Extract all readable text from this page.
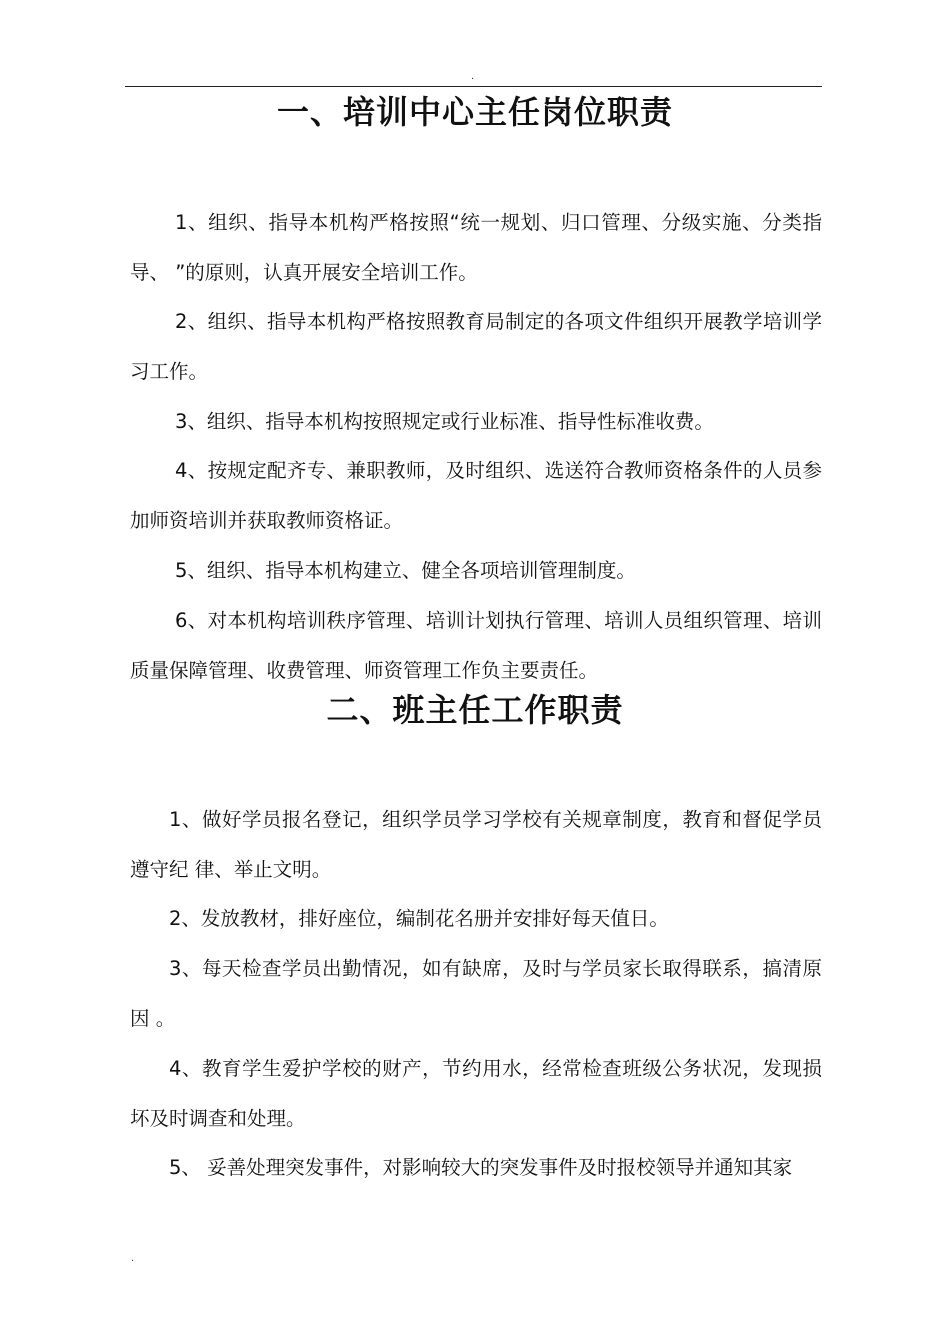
.
一、培训中心主任岗位职责

1、组织、指导本机构严格按照“统一规划、归口管理、分级实施、分类指导、 ”的原则，认真开展安全培训工作。

2、组织、指导本机构严格按照教育局制定的各项文件组织开展教学培训学习工作。

3、组织、指导本机构按照规定或行业标准、指导性标准收费。

4、按规定配齐专、兼职教师，及时组织、选送符合教师资格条件的人员参加师资培训并获取教师资格证。

5、组织、指导本机构建立、健全各项培训管理制度。

6、对本机构培训秩序管理、培训计划执行管理、培训人员组织管理、培训质量保障管理、收费管理、师资管理工作负主要责任。

二、班主任工作职责

1、做好学员报名登记，组织学员学习学校有关规章制度，教育和督促学员遵守纪 律、举止文明。

2、发放教材，排好座位，编制花名册并安排好每天值日。

3、每天检查学员出勤情况，如有缺席，及时与学员家长取得联系，搞清原因 。

4、教育学生爱护学校的财产，节约用水，经常检查班级公务状况，发现损坏及时调查和处理。

5、 妥善处理突发事件，对影响较大的突发事件及时报校领导并通知其家

.
